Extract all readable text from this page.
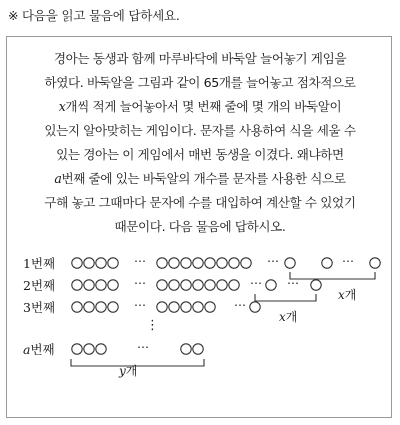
※ 다음을 읽고 물음에 답하세요.

경아는 동생과 함께 마루바닥에 바둑알 늘어놓기 게임을
하였다. 바둑알을 그림과 같이 65개를 늘어놓고 점차적으로
x개씩 적게 늘어놓아서 몇 번째 줄에 몇 개의 바둑알이
있는지 알아맞히는 게임이다. 문자를 사용하여 식을 세울 수
있는 경아는 이 게임에서 매번 동생을 이겼다. 왜냐하면
a번째 줄에 있는 바둑알의 개수를 문자를 사용한 식으로
구해 놓고 그때마다 문자에 수를 대입하여 계산할 수 있었기
때문이다. 다음 물음에 답하시오.

1번째
2번째
3번째
a번째
⋯	⋯	⋯
⋯	⋯ ⋯
⋯	⋯
⋮
⋯
x개
x개
y개
